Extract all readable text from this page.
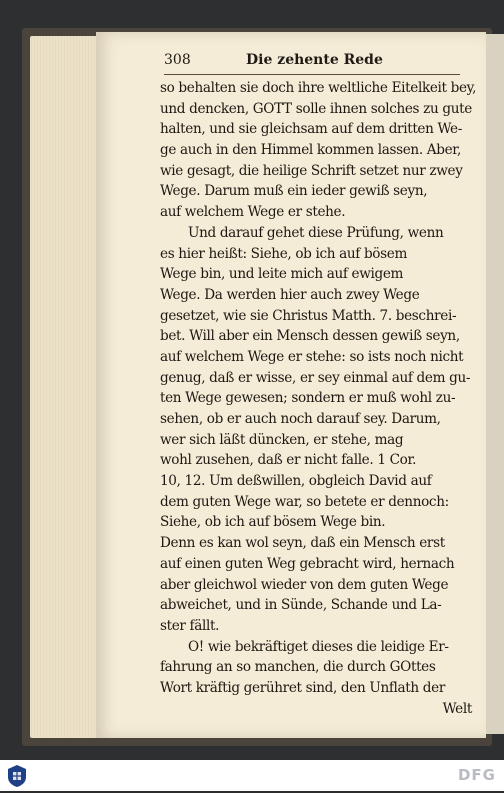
308	Die zehente Rede
so behalten sie doch ihre weltliche Eitelkeit bey,
und dencken, GOTT solle ihnen solches zu gute
halten, und sie gleichsam auf dem dritten We-
ge auch in den Himmel kommen lassen. Aber,
wie gesagt, die heilige Schrift setzet nur zwey
Wege. Darum muß ein ieder gewiß seyn,
auf welchem Wege er stehe.
Und darauf gehet diese Prüfung, wenn
es hier heißt: Siehe, ob ich auf bösem
Wege bin, und leite mich auf ewigem
Wege. Da werden hier auch zwey Wege
gesetzet, wie sie Christus Matth. 7. beschrei-
bet. Will aber ein Mensch dessen gewiß seyn,
auf welchem Wege er stehe: so ists noch nicht
genug, daß er wisse, er sey einmal auf dem gu-
ten Wege gewesen; sondern er muß wohl zu-
sehen, ob er auch noch darauf sey. Darum,
wer sich läßt düncken, er stehe, mag
wohl zusehen, daß er nicht falle. 1 Cor.
10, 12. Um deßwillen, obgleich David auf
dem guten Wege war, so betete er dennoch:
Siehe, ob ich auf bösem Wege bin.
Denn es kan wol seyn, daß ein Mensch erst
auf einen guten Weg gebracht wird, hernach
aber gleichwol wieder von dem guten Wege
abweichet, und in Sünde, Schande und La-
ster fällt.
O! wie bekräftiget dieses die leidige Er-
fahrung an so manchen, die durch GOttes
Wort kräftig gerühret sind, den Unflath der
Welt
DFG
